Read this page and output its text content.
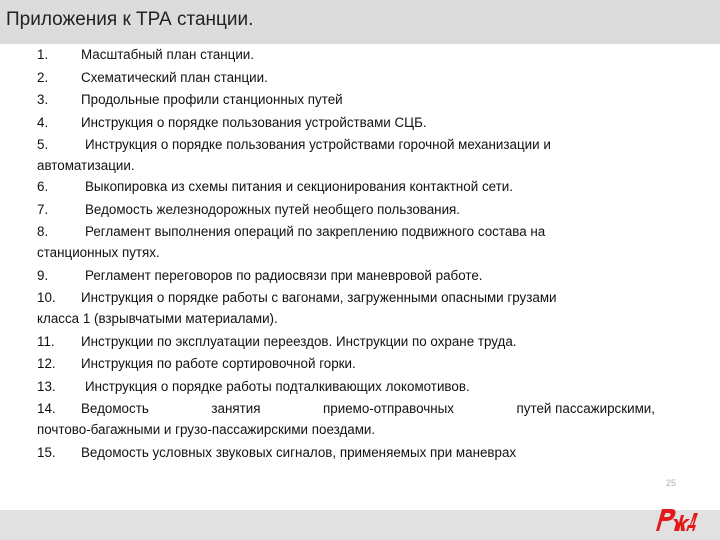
Приложения к ТРА станции.
1. Масштабный план станции.
2. Схематический план станции.
3. Продольные профили станционных путей
4. Инструкция о порядке пользования устройствами СЦБ.
5.	Инструкция о порядке пользования устройствами горочной механизации и
автоматизации.
6.	Выкопировка из схемы питания и секционирования контактной сети.
7.	Ведомость железнодорожных путей необщего пользования.
8.	Регламент выполнения операций по закреплению подвижного состава на
станционных путях.
9.	Регламент переговоров по радиосвязи при маневровой работе.
10. Инструкция о порядке работы с вагонами, загруженными опасными грузами
класса 1 (взрывчатыми материалами).
11. Инструкции по эксплуатации переездов. Инструкции по охране труда.
12. Инструкция по работе сортировочной горки.
13. Инструкция о порядке работы подталкивающих локомотивов.
14. Ведомость	занятия	приемо-отправочных	путей пассажирскими,
почтово-багажными и грузо-пассажирскими поездами.
15. Ведомость условных звуковых сигналов, применяемых при маневрах
25
